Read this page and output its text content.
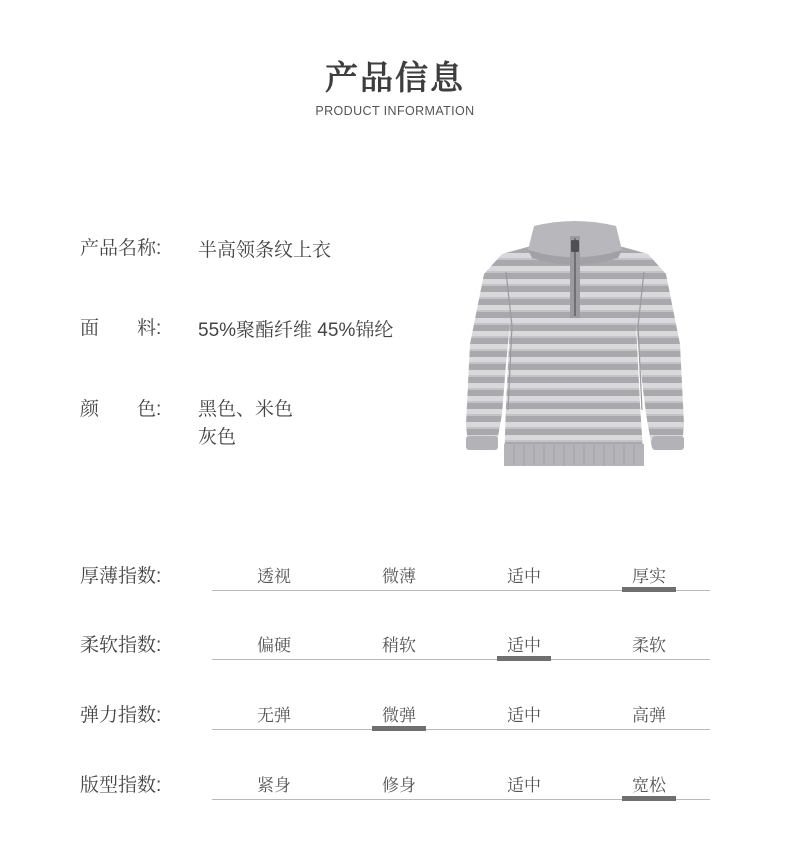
产品信息
PRODUCT INFORMATION
产品名称:	半高领条纹上衣
面　　料:	55%聚酯纤维 45%锦纶
颜　　色:	黑色、米色
灰色
厚薄指数:	透视	微薄	适中	厚实
柔软指数:	偏硬	稍软	适中	柔软
弹力指数:	无弹	微弹	适中	高弹
版型指数:	紧身	修身	适中	宽松
